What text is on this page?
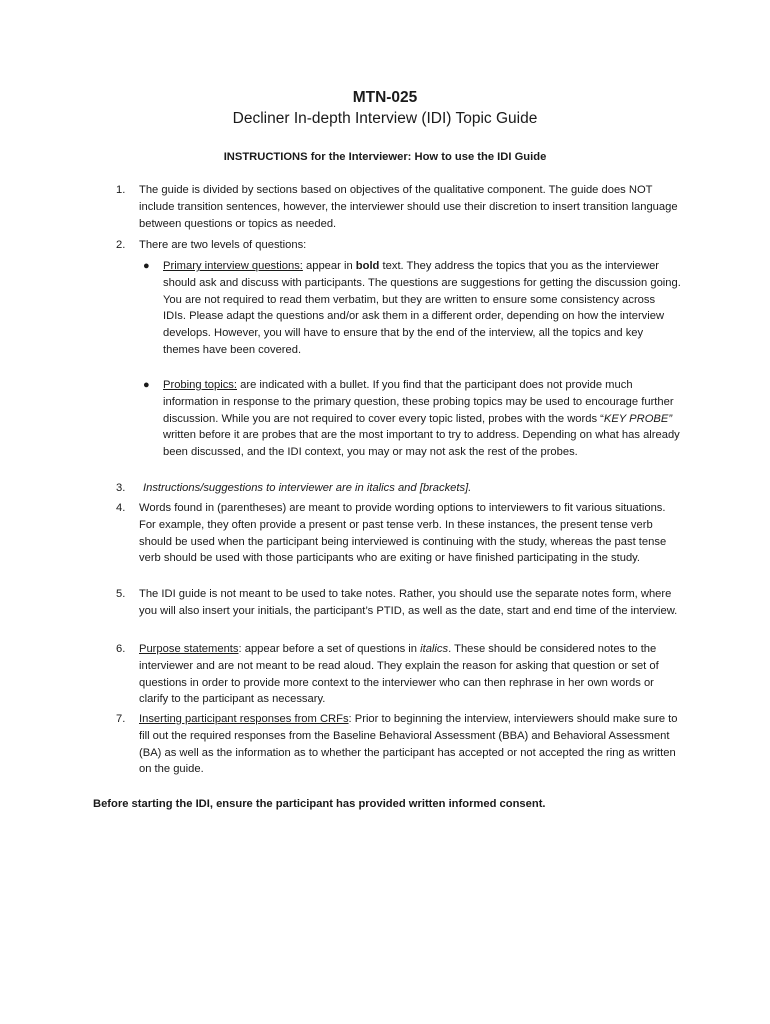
MTN-025
Decliner In-depth Interview (IDI) Topic Guide
INSTRUCTIONS for the Interviewer: How to use the IDI Guide
1. The guide is divided by sections based on objectives of the qualitative component. The guide does NOT include transition sentences, however, the interviewer should use their discretion to insert transition language between questions or topics as needed.
2. There are two levels of questions:
● Primary interview questions: appear in bold text. They address the topics that you as the interviewer should ask and discuss with participants. The questions are suggestions for getting the discussion going. You are not required to read them verbatim, but they are written to ensure some consistency across IDIs. Please adapt the questions and/or ask them in a different order, depending on how the interview develops. However, you will have to ensure that by the end of the interview, all the topics and key themes have been covered.
● Probing topics: are indicated with a bullet. If you find that the participant does not provide much information in response to the primary question, these probing topics may be used to encourage further discussion. While you are not required to cover every topic listed, probes with the words “KEY PROBE” written before it are probes that are the most important to try to address. Depending on what has already been discussed, and the IDI context, you may or may not ask the rest of the probes.
3. Instructions/suggestions to interviewer are in italics and [brackets].
4. Words found in (parentheses) are meant to provide wording options to interviewers to fit various situations. For example, they often provide a present or past tense verb. In these instances, the present tense verb should be used when the participant being interviewed is continuing with the study, whereas the past tense verb should be used with those participants who are exiting or have finished participating in the study.
5. The IDI guide is not meant to be used to take notes. Rather, you should use the separate notes form, where you will also insert your initials, the participant’s PTID, as well as the date, start and end time of the interview.
6. Purpose statements: appear before a set of questions in italics. These should be considered notes to the interviewer and are not meant to be read aloud. They explain the reason for asking that question or set of questions in order to provide more context to the interviewer who can then rephrase in her own words or clarify to the participant as necessary.
7. Inserting participant responses from CRFs: Prior to beginning the interview, interviewers should make sure to fill out the required responses from the Baseline Behavioral Assessment (BBA) and Behavioral Assessment (BA) as well as the information as to whether the participant has accepted or not accepted the ring as written on the guide.
Before starting the IDI, ensure the participant has provided written informed consent.
